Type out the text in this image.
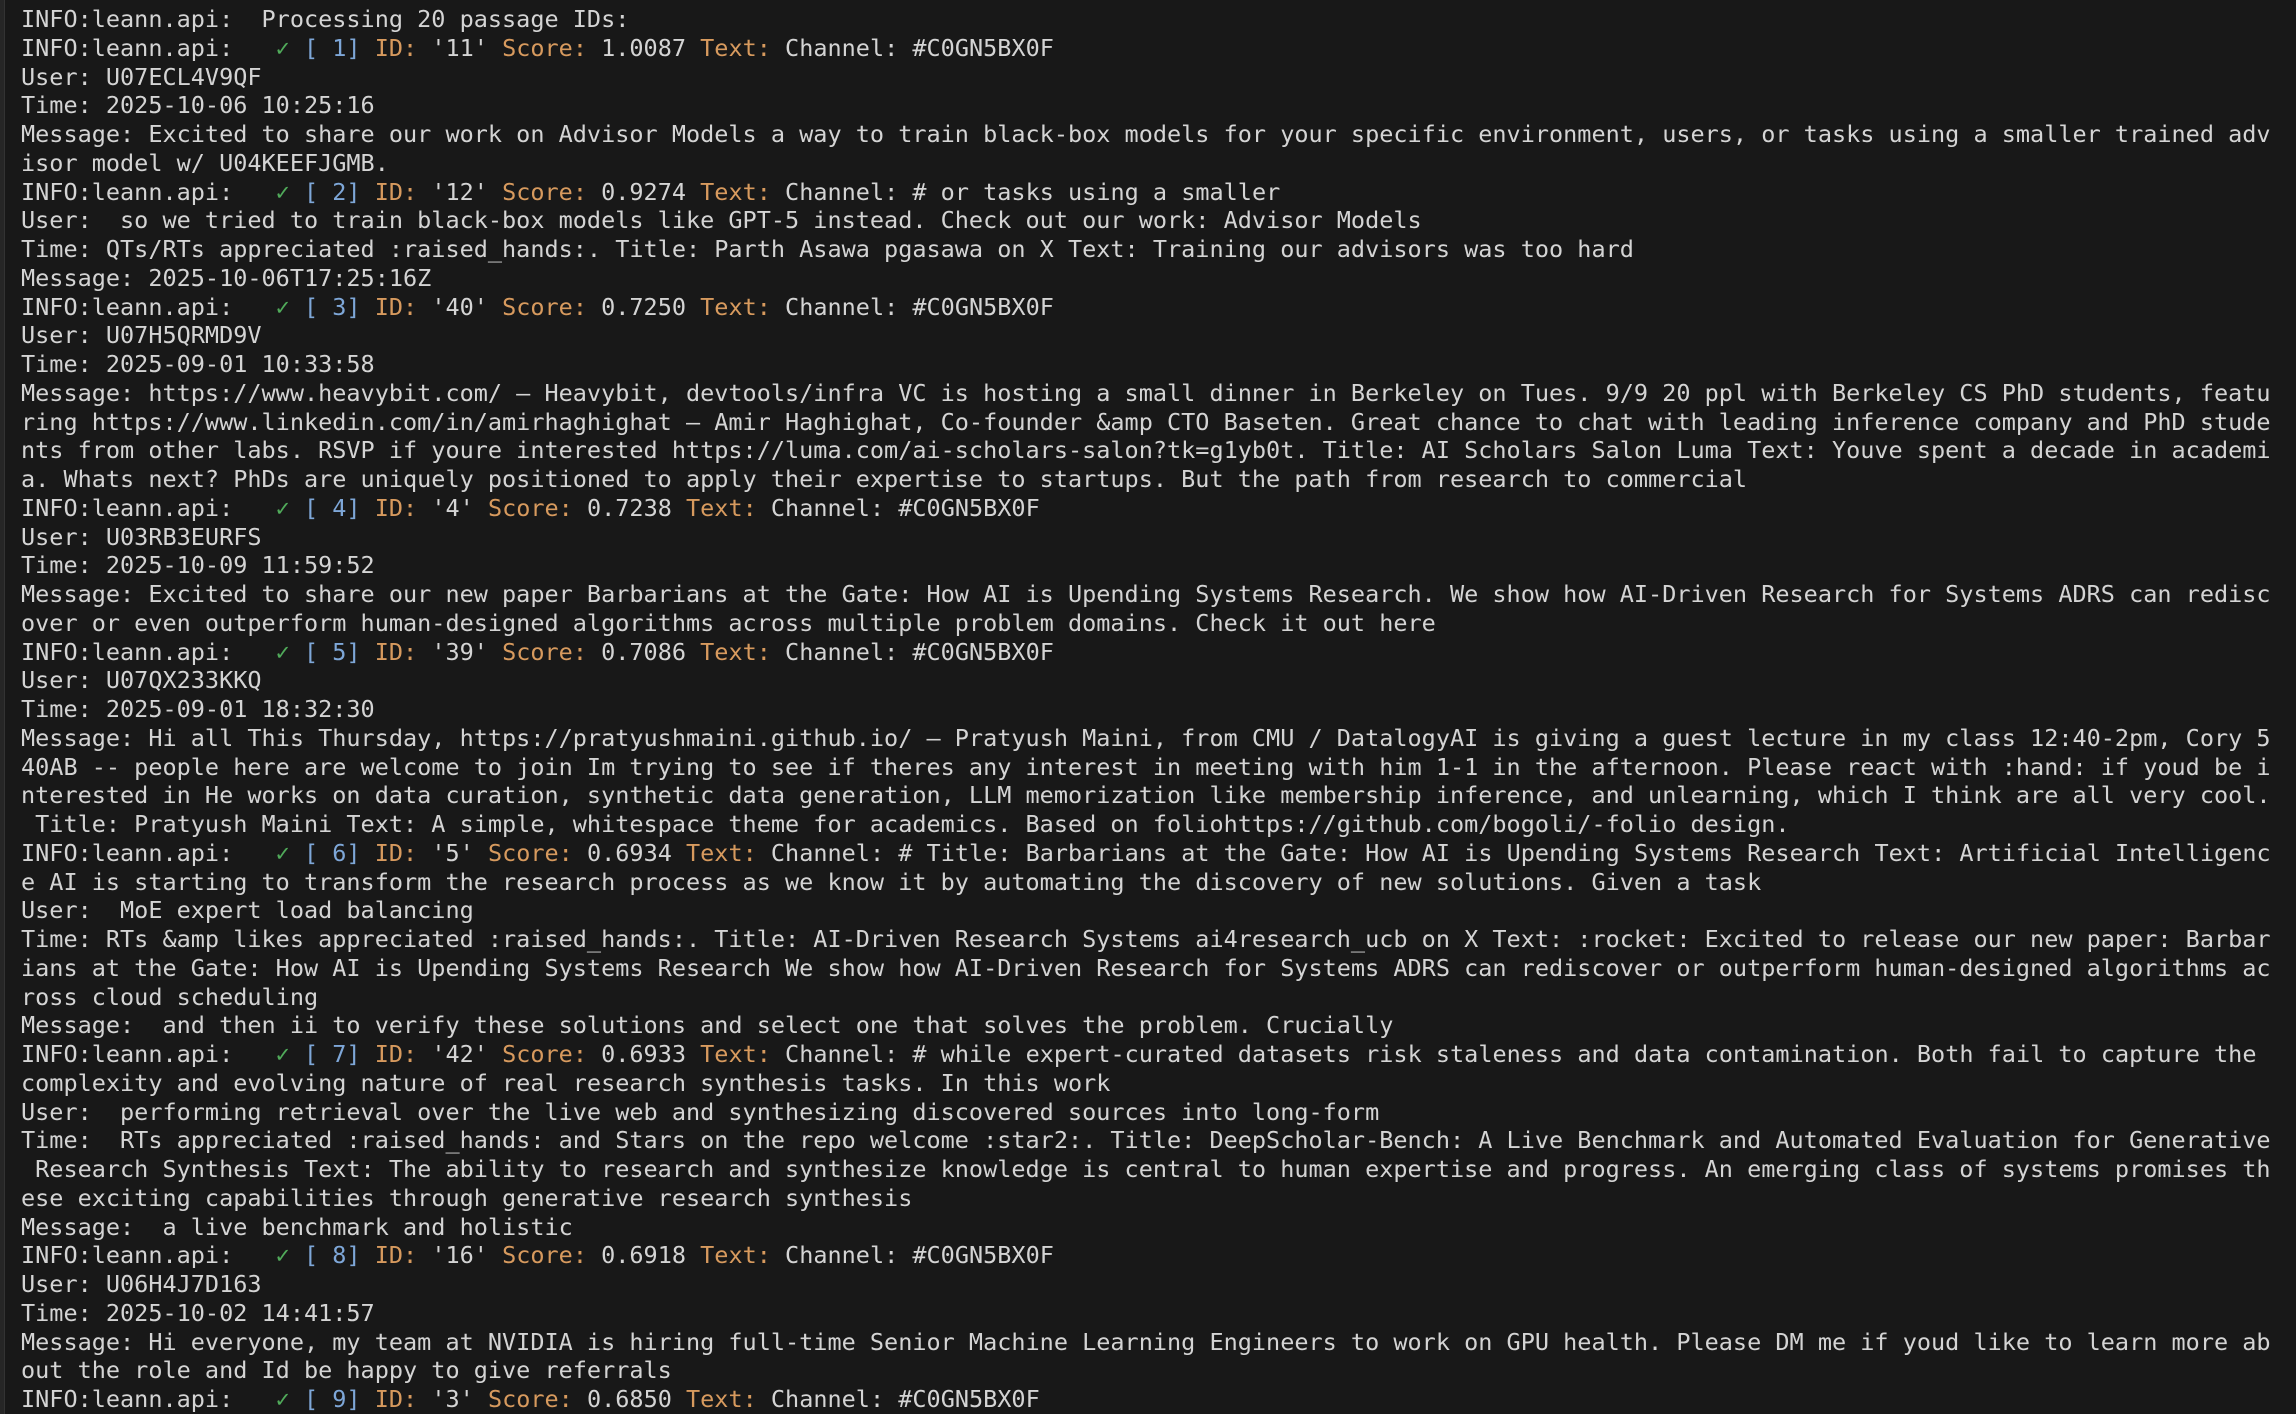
INFO:leann.api:  Processing 20 passage IDs:
INFO:leann.api:   ✓ [ 1] ID: '11' Score: 1.0087 Text: Channel: #C0GN5BX0F
User: U07ECL4V9QF
Time: 2025-10-06 10:25:16
Message: Excited to share our work on Advisor Models a way to train black-box models for your specific environment, users, or tasks using a smaller trained adv
isor model w/ U04KEEFJGMB.
INFO:leann.api:   ✓ [ 2] ID: '12' Score: 0.9274 Text: Channel: # or tasks using a smaller
User:  so we tried to train black-box models like GPT-5 instead. Check out our work: Advisor Models
Time: QTs/RTs appreciated :raised_hands:. Title: Parth Asawa pgasawa on X Text: Training our advisors was too hard
Message: 2025-10-06T17:25:16Z
INFO:leann.api:   ✓ [ 3] ID: '40' Score: 0.7250 Text: Channel: #C0GN5BX0F
User: U07H5QRMD9V
Time: 2025-09-01 10:33:58
Message: https://www.heavybit.com/ – Heavybit, devtools/infra VC is hosting a small dinner in Berkeley on Tues. 9/9 20 ppl with Berkeley CS PhD students, featu
ring https://www.linkedin.com/in/amirhaghighat – Amir Haghighat, Co-founder &amp CTO Baseten. Great chance to chat with leading inference company and PhD stude
nts from other labs. RSVP if youre interested https://luma.com/ai-scholars-salon?tk=g1yb0t. Title: AI Scholars Salon Luma Text: Youve spent a decade in academi
a. Whats next? PhDs are uniquely positioned to apply their expertise to startups. But the path from research to commercial
INFO:leann.api:   ✓ [ 4] ID: '4' Score: 0.7238 Text: Channel: #C0GN5BX0F
User: U03RB3EURFS
Time: 2025-10-09 11:59:52
Message: Excited to share our new paper Barbarians at the Gate: How AI is Upending Systems Research. We show how AI-Driven Research for Systems ADRS can redisc
over or even outperform human-designed algorithms across multiple problem domains. Check it out here
INFO:leann.api:   ✓ [ 5] ID: '39' Score: 0.7086 Text: Channel: #C0GN5BX0F
User: U07QX233KKQ
Time: 2025-09-01 18:32:30
Message: Hi all This Thursday, https://pratyushmaini.github.io/ – Pratyush Maini, from CMU / DatalogyAI is giving a guest lecture in my class 12:40-2pm, Cory 5
40AB -- people here are welcome to join Im trying to see if theres any interest in meeting with him 1-1 in the afternoon. Please react with :hand: if youd be i
nterested in He works on data curation, synthetic data generation, LLM memorization like membership inference, and unlearning, which I think are all very cool.
Title: Pratyush Maini Text: A simple, whitespace theme for academics. Based on foliohttps://github.com/bogoli/-folio design.
INFO:leann.api:   ✓ [ 6] ID: '5' Score: 0.6934 Text: Channel: # Title: Barbarians at the Gate: How AI is Upending Systems Research Text: Artificial Intelligenc
e AI is starting to transform the research process as we know it by automating the discovery of new solutions. Given a task
User:  MoE expert load balancing
Time: RTs &amp likes appreciated :raised_hands:. Title: AI-Driven Research Systems ai4research_ucb on X Text: :rocket: Excited to release our new paper: Barbar
ians at the Gate: How AI is Upending Systems Research We show how AI-Driven Research for Systems ADRS can rediscover or outperform human-designed algorithms ac
ross cloud scheduling
Message:  and then ii to verify these solutions and select one that solves the problem. Crucially
INFO:leann.api:   ✓ [ 7] ID: '42' Score: 0.6933 Text: Channel: # while expert-curated datasets risk staleness and data contamination. Both fail to capture the
complexity and evolving nature of real research synthesis tasks. In this work
User:  performing retrieval over the live web and synthesizing discovered sources into long-form
Time:  RTs appreciated :raised_hands: and Stars on the repo welcome :star2:. Title: DeepScholar-Bench: A Live Benchmark and Automated Evaluation for Generative
Research Synthesis Text: The ability to research and synthesize knowledge is central to human expertise and progress. An emerging class of systems promises th
ese exciting capabilities through generative research synthesis
Message:  a live benchmark and holistic
INFO:leann.api:   ✓ [ 8] ID: '16' Score: 0.6918 Text: Channel: #C0GN5BX0F
User: U06H4J7D163
Time: 2025-10-02 14:41:57
Message: Hi everyone, my team at NVIDIA is hiring full-time Senior Machine Learning Engineers to work on GPU health. Please DM me if youd like to learn more ab
out the role and Id be happy to give referrals
INFO:leann.api:   ✓ [ 9] ID: '3' Score: 0.6850 Text: Channel: #C0GN5BX0F
